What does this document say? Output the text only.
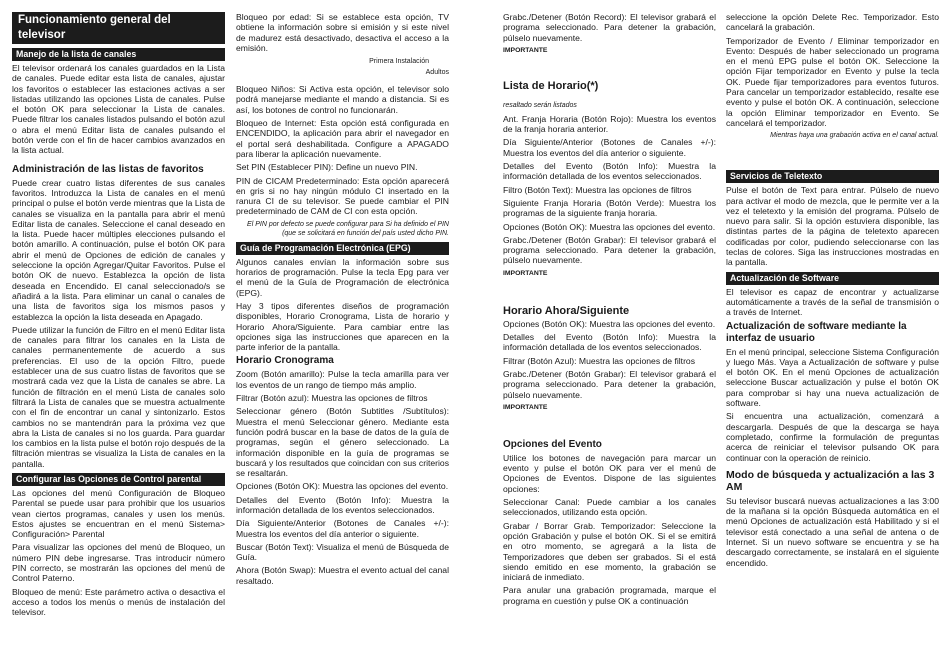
Funcionamiento general del televisor
Manejo de la lista de canales

El televisor ordenará los canales guardados en la Lista de canales. Puede editar esta lista de canales, ajustar los favoritos o establecer las estaciones activas a ser listadas utilizando las opciones Lista de canales. Pulse el botón OK para seleccionar la Lista de canales. Puede filtrar los canales listados pulsando el botón azul o abra el menú Editar lista de canales pulsando el botón verde con el fin de hacer cambios avanzados en la lista actual.

Administración de las listas de favoritos

Puede crear cuatro listas diferentes de sus canales favoritos. Introduzca la Lista de canales en el menú principal o pulse el botón verde mientras que la Lista de canales se visualiza en la pantalla para abrir el menú Editar lista de canales. Seleccione el canal deseado en la lista. Puede hacer múltiples elecciones pulsando el botón amarillo. A continuación, pulse el botón OK para abrir el menú de Opciones de edición de canales y seleccione la opción Agregar/Quitar Favoritos. Pulse el botón OK de nuevo. Establezca la opción de lista deseada en Encendido. El canal seleccionado/s se añadirá a la lista. Para eliminar un canal o canales de una lista de favoritos siga los mismos pasos y establezca la opción la lista deseada en Apagado.

Puede utilizar la función de Filtro en el menú Editar lista de canales para filtrar los canales en la Lista de canales permanentemente de acuerdo a sus preferencias. El uso de la opción Filtro, puede establecer una de sus cuatro listas de favoritos que se mostrará cada vez que la Lista de canales se abre. La función de filtración en el menú Lista de canales solo filtrará la Lista de canales que se muestra actualmente con el fin de encontrar un canal y sintonizarlo. Estos cambios no se mantendrán para la próxima vez que abra la Lista de canales si no los guarda. Para guardar los cambios en la lista pulse el botón rojo después de la filtración mientras se visualiza la Lista de canales en la pantalla.

Configurar las Opciones de Control parental

Las opciones del menú Configuración de Bloqueo Parental se puede usar para prohibir que los usuarios vean ciertos programas, canales y usen los menús. Estos ajustes se encuentran en el menú Sistema> Configuración> Parental

Para visualizar las opciones del menú de Bloqueo, un número PIN debe ingresarse. Tras introducir número PIN correcto, se mostrarán las opciones del menú de Control Paterno.

Bloqueo de menú: Este parámetro activa o desactiva el acceso a todos los menús o menús de instalación del televisor.

Bloqueo por edad: Si se establece esta opción, TV obtiene la información sobre si emisión y si este nivel de madurez está desactivado, desactiva el acceso a la emisión.

Primera Instalación
Adultos

Bloqueo Niños: Si Activa esta opción, el televisor solo podrá manejarse mediante el mando a distancia. Si es así, los botones de control no funcionarán.

Bloqueo de Internet: Esta opción está configurada en ENCENDIDO, la aplicación para abrir el navegador en el portal será deshabilitada. Configure a APAGADO para liberar la aplicación nuevamente.

Set PIN (Establecer PIN): Define un nuevo PIN.

PIN de CICAM Predeterminado: Esta opción aparecerá en gris si no hay ningún módulo CI insertado en la ranura CI de su televisor. Se puede cambiar el PIN predeterminado de CAM de CI con esta opción.

El PIN por defecto se puede configurar para Si ha definido el PIN (que se solicitará en función del país usted dicho PIN.
Guía de Programación Electrónica (EPG)

Algunos canales envían la información sobre sus horarios de programación. Pulse la tecla Epg para ver el menú de la Guía de Programación de electrónica (EPG).

Hay 3 tipos diferentes diseños de programación disponibles, Horario Cronograma, Lista de horario y Horario Ahora/Siguiente. Para cambiar entre las opciones siga las instrucciones que aparecen en la parte inferior de la pantalla.

Horario Cronograma

Zoom (Botón amarillo): Pulse la tecla amarilla para ver los eventos de un rango de tiempo más amplio.

Filtrar (Botón azul): Muestra las opciones de filtros

Seleccionar género (Botón Subtitles /Subtítulos): Muestra el menú Seleccionar género. Mediante esta función podrá buscar en la base de datos de la guía de programas, según el género seleccionado. La información disponible en la guía de programas se buscará y los resultados que coincidan con sus criterios se resaltarán.

Opciones (Botón OK): Muestra las opciones del evento.

Detalles del Evento (Botón Info): Muestra la información detallada de los eventos seleccionados.

Día Siguiente/Anterior (Botones de Canales +/-): Muestra los eventos del día anterior o siguiente.

Buscar (Botón Text): Visualiza el menú de Búsqueda de Guía.

Ahora (Botón Swap): Muestra el evento actual del canal resaltado.

Grabc./Detener (Botón Record): El televisor grabará el programa seleccionado. Para detener la grabación, púlselo nuevamente.

IMPORTANTE
Lista de Horario(*)
resaltado serán listados

Ant. Franja Horaria (Botón Rojo): Muestra los eventos de la franja horaria anterior.

Día Siguiente/Anterior (Botones de Canales +/-): Muestra los eventos del día anterior o siguiente.

Detalles del Evento (Botón Info): Muestra la información detallada de los eventos seleccionados.

Filtro (Botón Text): Muestra las opciones de filtros

Siguiente Franja Horaria (Botón Verde): Muestra los programas de la siguiente franja horaria.

Opciones (Botón OK): Muestra las opciones del evento.

Grabc./Detener (Botón Grabar): El televisor grabará el programa seleccionado. Para detener la grabación, púlselo nuevamente.

IMPORTANTE
Horario Ahora/Siguiente

Opciones (Botón OK): Muestra las opciones del evento.

Detalles del Evento (Botón Info): Muestra la información detallada de los eventos seleccionados.

Filtrar (Botón Azul): Muestra las opciones de filtros

Grabc./Detener (Botón Grabar): El televisor grabará el programa seleccionado. Para detener la grabación, púlselo nuevamente.

IMPORTANTE
Opciones del Evento

Utilice los botones de navegación para marcar un evento y pulse el botón OK para ver el menú de Opciones de Eventos. Dispone de las siguientes opciones:

Seleccionar Canal: Puede cambiar a los canales seleccionados, utilizando esta opción.

Grabar / Borrar Grab. Temporizador: Seleccione la opción Grabación y pulse el botón OK. Si el se emitirá en otro momento, se agregará a la lista de Temporizadores que deben ser grabados. Si el está siendo emitido en ese momento, la grabación se iniciará de inmediato.

Para anular una grabación programada, marque el programa en cuestión y pulse OK a continuación

seleccione la opción Delete Rec. Temporizador. Esto cancelará la grabación.

Temporizador de Evento / Eliminar temporizador en Evento: Después de haber seleccionado un programa en el menú EPG pulse el botón OK. Seleccione la opción Fijar temporizador en Evento y pulse la tecla OK. Puede fijar temporizadores para eventos futuros. Para cancelar un temporizador establecido, resalte ese evento y pulse el botón OK. A continuación, seleccione la opción Eliminar temporizador en Evento. Se cancelará el temporizador.

Mientras haya una grabación activa en el canal actual.
Servicios de Teletexto

Pulse el botón de Text para entrar. Púlselo de nuevo para activar el modo de mezcla, que le permite ver a la vez el teletexto y la emisión del programa. Púlselo de nuevo para salir. Si la opción estuviera disponible, las distintas partes de la página de teletexto aparecen codificadas por color, pudiendo seleccionarse con las teclas de colores. Siga las instrucciones mostradas en la pantalla.

Actualización de Software

El televisor es capaz de encontrar y actualizarse automáticamente a través de la señal de transmisión o a través de Internet.

Actualización de software mediante la interfaz de usuario

En el menú principal, seleccione Sistema Configuración y luego Más. Vaya a Actualización de software y pulse el botón OK. En el menú Opciones de actualización seleccione Buscar actualización y pulse el botón OK para comprobar si hay una nueva actualización de software.

Si encuentra una actualización, comenzará a descargarla. Después de que la descarga se haya completado, confirme la formulación de preguntas acerca de reiniciar el televisor pulsando OK para continuar con la operación de reinicio.

Modo de búsqueda y actualización a las 3 AM

Su televisor buscará nuevas actualizaciones a las 3:00 de la mañana si la opción Búsqueda automática en el menú Opciones de actualización está Habilitado y si el televisor está conectado a una señal de antena o de Internet. Si un nuevo software se encuentra y se ha descargado correctamente, se instalará en el siguiente encendido.
